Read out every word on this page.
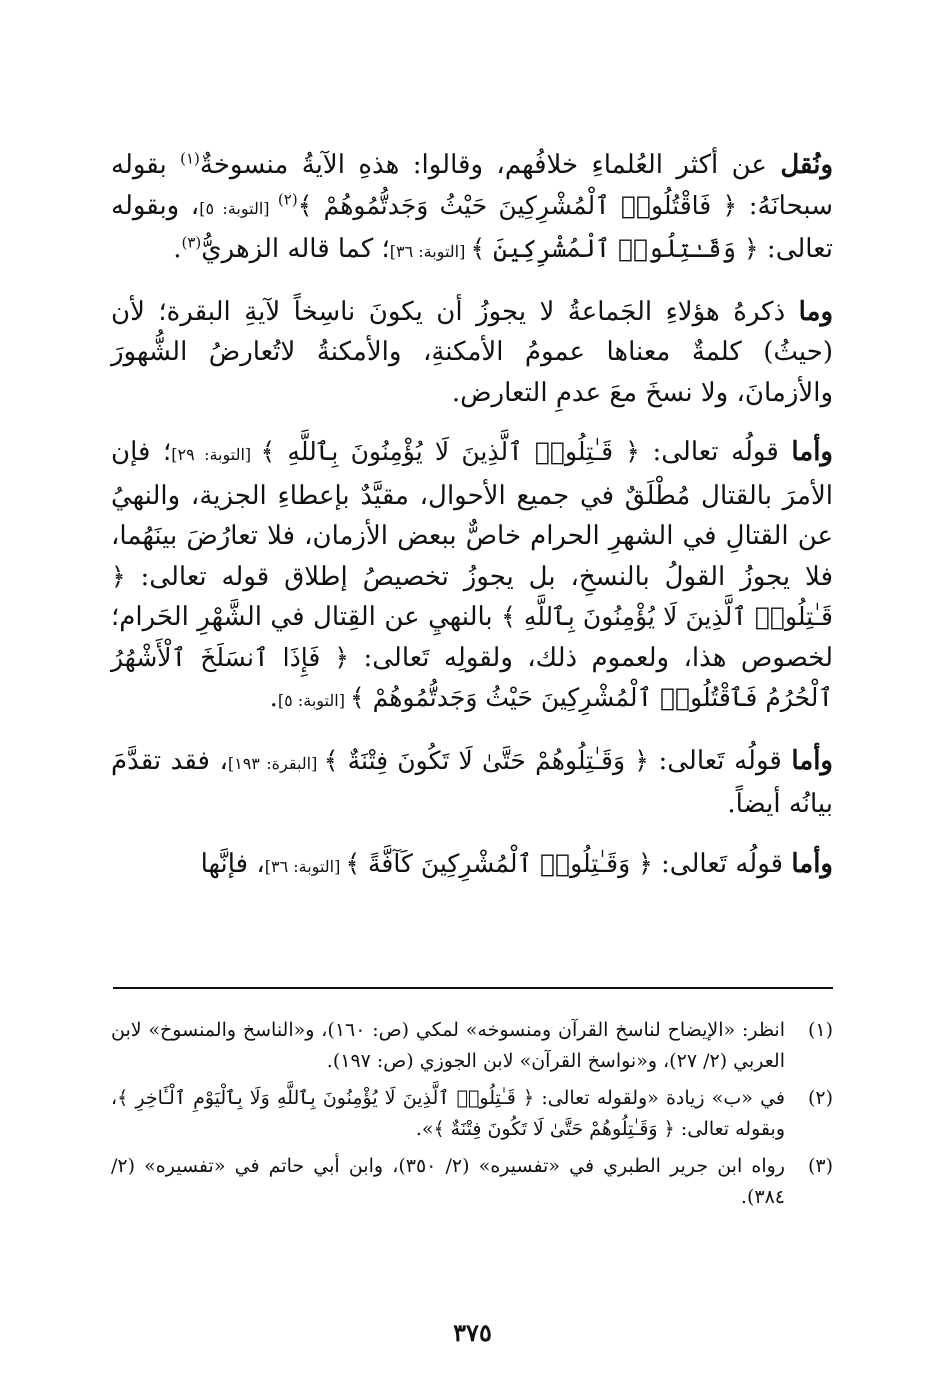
ونُقل عن أكثر العُلماءِ خلافُهم، وقالوا: هذهِ الآيةُ منسوخةٌ$^{(١)}$ بقوله سبحانَهُ: ﴿ فَاقْتُلُوا۟ ٱلْمُشْرِكِينَ حَيْثُ وَجَدتُّمُوهُمْ ﴾$^{(٢)}$ [التوبة: ٥]، وبقوله تعالى: ﴿ وَقَـٰتِلُوا۟ ٱلْمُشْرِكِينَ ﴾ [التوبة: ٣٦]؛ كما قاله الزهريُّ$^{(٣)}$.

وما ذكرهُ هؤلاءِ الجَماعةُ لا يجوزُ أن يكونَ ناسِخاً لآيةِ البقرة؛ لأن (حيثُ) كلمةٌ معناها عمومُ الأمكنةِ، والأمكنةُ لاتُعارضُ الشُّهورَ والأزمانَ، ولا نسخَ معَ عدمِ التعارض.

وأما قولُه تعالى: ﴿ قَـٰتِلُوا۟ ٱلَّذِينَ لَا يُؤْمِنُونَ بِٱللَّهِ ﴾ [التوبة: ٢٩]؛ فإن الأمرَ بالقتال مُطْلَقٌ في جميع الأحوال، مقيَّدٌ بإعطاءِ الجزية، والنهيُ عن القتالِ في الشهرِ الحرام خاصٌّ ببعض الأزمان، فلا تعارُضَ بينَهُما، فلا يجوزُ القولُ بالنسخِ، بل يجوزُ تخصيصُ إطلاق قوله تعالى: ﴿ قَـٰتِلُوا۟ ٱلَّذِينَ لَا يُؤْمِنُونَ بِٱللَّهِ ﴾ بالنهيِ عن القِتال في الشَّهْرِ الحَرام؛ لخصوص هذا، ولعموم ذلك، ولقولِه تَعالى: ﴿ فَإِذَا ٱنسَلَخَ ٱلْأَشْهُرُ ٱلْحُرُمُ فَٱقْتُلُوا۟ ٱلْمُشْرِكِينَ حَيْثُ وَجَدتُّمُوهُمْ ﴾ [التوبة: ٥].

وأما قولُه تَعالى: ﴿ وَقَـٰتِلُوهُمْ حَتَّىٰ لَا تَكُونَ فِتْنَةٌ ﴾ [البقرة: ١٩٣]، فقد تقدَّمَ بيانُه أيضاً.

وأما قولُه تَعالى: ﴿ وَقَـٰتِلُوا۟ ٱلْمُشْرِكِينَ كَآفَّةً ﴾ [التوبة: ٣٦]، فإنَّها

(١)
انظر: «الإيضاح لناسخ القرآن ومنسوخه» لمكي (ص: ١٦٠)، و«الناسخ والمنسوخ» لابن العربي (٢/ ٢٧)، و«نواسخ القرآن» لابن الجوزي (ص: ١٩٧).
(٢)
في «ب» زيادة «ولقوله تعالى: ﴿ قَـٰتِلُوا۟ ٱلَّذِينَ لَا يُؤْمِنُونَ بِٱللَّهِ وَلَا بِٱلْيَوْمِ ٱلْـَٔاخِرِ ﴾، وبقوله تعالى: ﴿ وَقَـٰتِلُوهُمْ حَتَّىٰ لَا تَكُونَ فِتْنَةٌ ﴾».
(٣)
رواه ابن جرير الطبري في «تفسيره» (٢/ ٣٥٠)، وابن أبي حاتم في «تفسيره» (٢/ ٣٨٤).
٣٧٥
